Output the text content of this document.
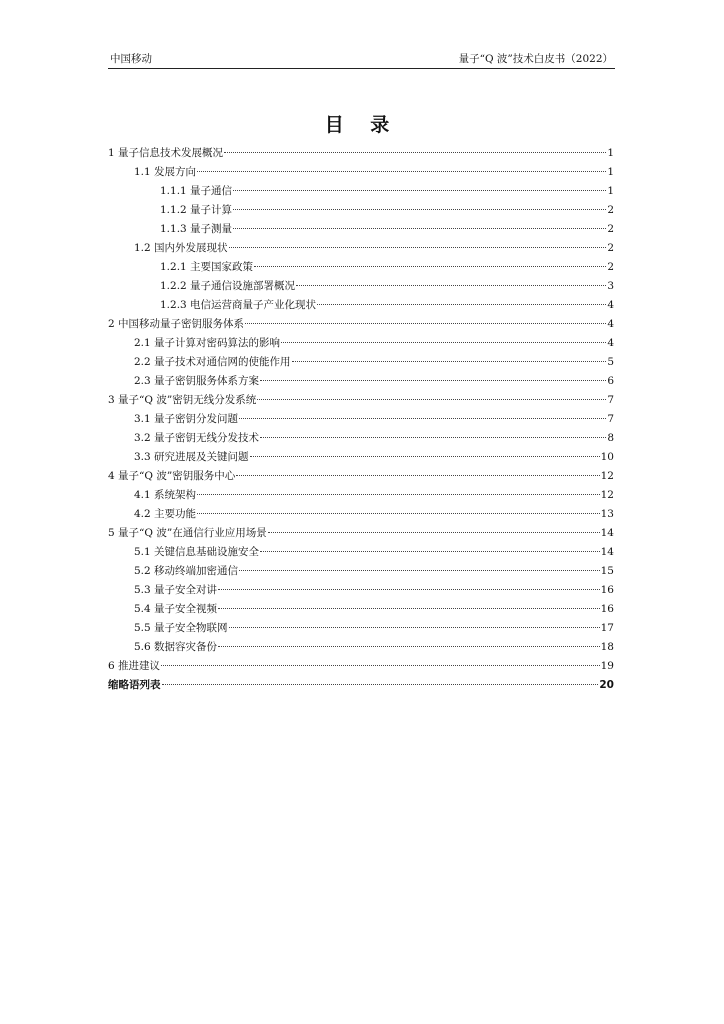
中国移动	量子“Q 波”技术白皮书（2022）
目 录
1 量子信息技术发展概况	1
1.1 发展方向	1
1.1.1 量子通信	1
1.1.2 量子计算	2
1.1.3 量子测量	2
1.2 国内外发展现状	2
1.2.1 主要国家政策	2
1.2.2 量子通信设施部署概况	3
1.2.3 电信运营商量子产业化现状	4
2 中国移动量子密钥服务体系	4
2.1 量子计算对密码算法的影响	4
2.2 量子技术对通信网的使能作用	5
2.3 量子密钥服务体系方案	6
3 量子“Q 波”密钥无线分发系统	7
3.1 量子密钥分发问题	7
3.2 量子密钥无线分发技术	8
3.3 研究进展及关键问题	10
4 量子“Q 波”密钥服务中心	12
4.1 系统架构	12
4.2 主要功能	13
5 量子“Q 波”在通信行业应用场景	14
5.1 关键信息基础设施安全	14
5.2 移动终端加密通信	15
5.3 量子安全对讲	16
5.4 量子安全视频	16
5.5 量子安全物联网	17
5.6 数据容灾备份	18
6 推进建议	19
缩略语列表	20
